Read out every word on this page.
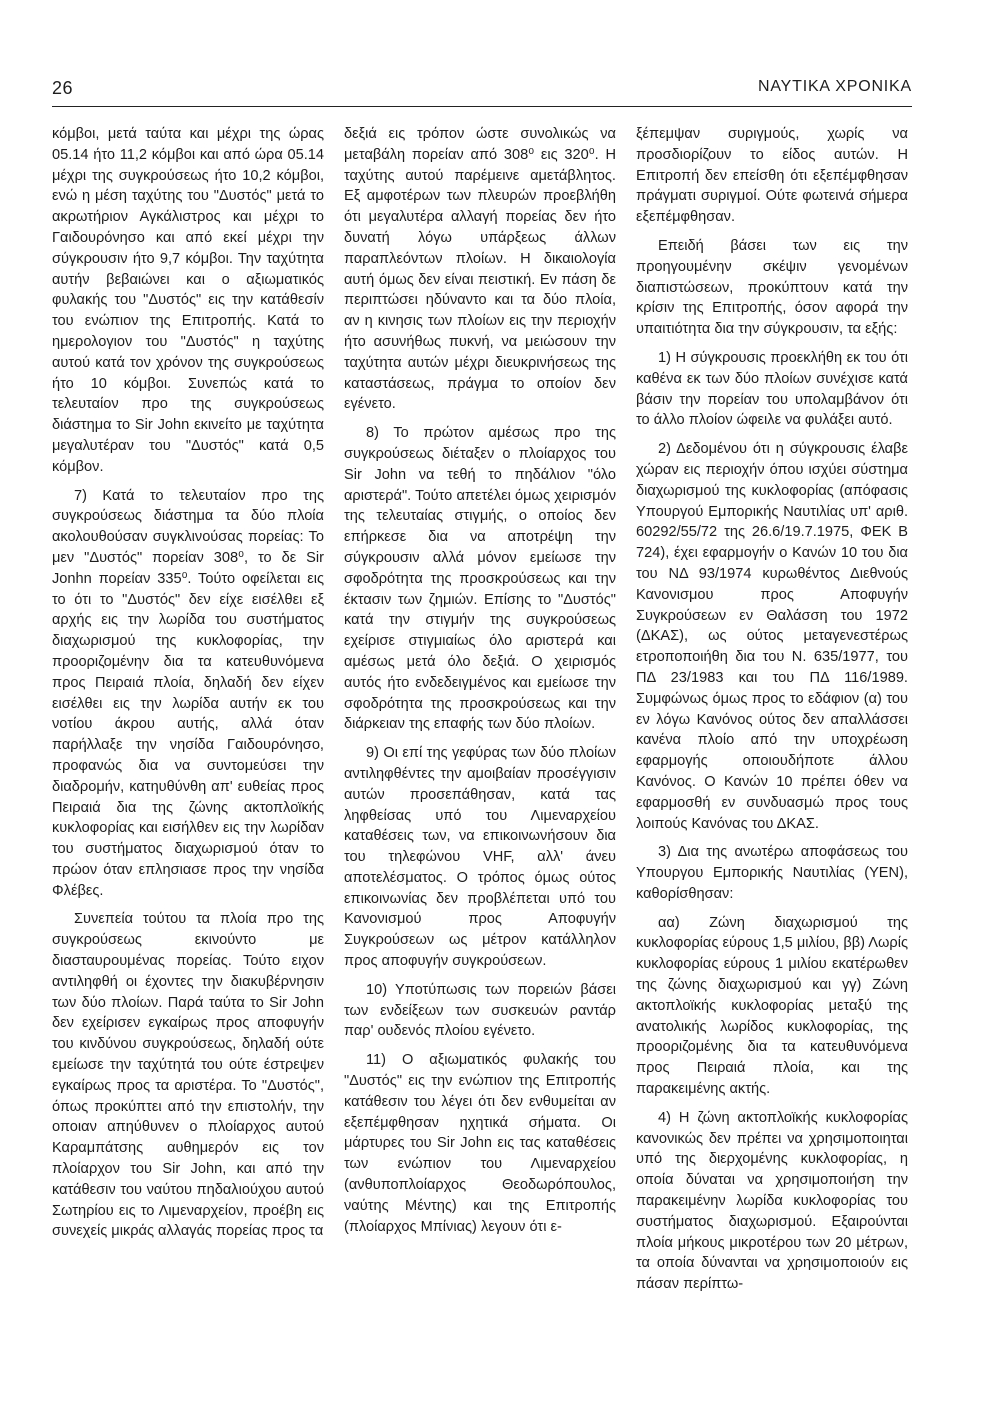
26	ΝΑΥΤΙΚΑ ΧΡΟΝΙΚΑ

κόμβοι, μετά ταύτα και μέχρι της ώρας 05.14 ήτο 11,2 κόμβοι και από ώρα 05.14 μέχρι της συγκρούσεως ήτο 10,2 κόμβοι, ενώ η μέση ταχύτης του "Δυστός" μετά το ακρωτήριον Αγκάλιστρος και μέχρι το Γαιδουρόνησο και από εκεί μέχρι την σύγκρουσιν ήτο 9,7 κόμβοι. Την ταχύτητα αυτήν βεβαιώνει και ο αξιωματικός φυλακής του "Δυστός" εις την κατάθεσίν του ενώπιον της Επιτροπής. Κατά το ημερολογιον του "Δυστός" η ταχύτης αυτού κατά τον χρόνον της συγκρούσεως ήτο 10 κόμβοι. Συνεπώς κατά το τελευταίον προ της συγκρούσεως διάστημα το Sir John εκινείτο με ταχύτητα μεγαλυτέραν του "Δυστός" κατά 0,5 κόμβον.

7) Κατά το τελευταίον προ της συγκρούσεως διάστημα τα δύο πλοία ακολουθούσαν συγκλινούσας πορείας: Το μεν "Δυστός" πορείαν 308⁰, το δε Sir Jonhn πορείαν 335⁰. Τούτο οφείλεται εις το ότι το "Δυστός" δεν είχε εισέλθει εξ αρχής εις την λωρίδα του συστήματος διαχωρισμού της κυκλοφορίας, την προοριζομένην δια τα κατευθυνόμενα προς Πειραιά πλοία, δηλαδή δεν είχεν εισέλθει εις την λωρίδα αυτήν εκ του νοτίου άκρου αυτής, αλλά όταν παρήλλαξε την νησίδα Γαιδουρόνησο, προφανώς δια να συντομεύσει την διαδρομήν, κατηυθύνθη απ' ευθείας προς Πειραιά δια της ζώνης ακτοπλοϊκής κυκλοφορίας και εισήλθεν εις την λωρίδαν του συστήματος διαχωρισμού όταν το πρώον όταν επλησιασε προς την νησίδα Φλέβες.

Συνεπεία τούτου τα πλοία προ της συγκρούσεως εκινούντο με διασταυρουμένας πορείας. Τούτο ειχον αντιληφθή οι έχοντες την διακυβέρνησιν των δύο πλοίων. Παρά ταύτα το Sir John δεν εχείρισεν εγκαίρως προς αποφυγήν του κινδύνου συγκρούσεως, δηλαδή ούτε εμείωσε την ταχύτητά του ούτε έστρεψεν εγκαίρως προς τα αριστέρα. Το "Δυστός", όπως προκύπτει από την επιστολήν, την οποιαν απηύθυνεν ο πλοίαρχος αυτού Καραμπάτσης αυθημερόν εις τον πλοίαρχον του Sir John, και από την κατάθεσιν του ναύτου πηδαλιούχου αυτού Σωτηρίου εις το Λιμεναρχείον, προέβη εις συνεχείς μικράς αλλαγάς πορείας προς τα

δεξιά εις τρόπον ώστε συνολικώς να μεταβάλη πορείαν από 308⁰ εις 320⁰. Η ταχύτης αυτού παρέμεινε αμετάβλητος. Εξ αμφοτέρων των πλευρών προεβλήθη ότι μεγαλυτέρα αλλαγή πορείας δεν ήτο δυνατή λόγω υπάρξεως άλλων παραπλεόντων πλοίων. Η δικαιολογία αυτή όμως δεν είναι πειστική. Εν πάση δε περιπτώσει ηδύναντο και τα δύο πλοία, αν η κινησις των πλοίων εις την περιοχήν ήτο ασυνήθως πυκνή, να μειώσουν την ταχύτητα αυτών μέχρι διευκρινήσεως της καταστάσεως, πράγμα το οποίον δεν εγένετο.

8) Το πρώτον αμέσως προ της συγκρούσεως διέταξεν ο πλοίαρχος του Sir John να τεθή το πηδάλιον "όλο αριστερά". Τούτο απετέλει όμως χειρισμόν της τελευταίας στιγμής, ο οποίος δεν επήρκεσε δια να αποτρέψη την σύγκρουσιν αλλά μόνον εμείωσε την σφοδρότητα της προσκρούσεως και την έκτασιν των ζημιών. Επίσης το "Δυστός" κατά την στιγμήν της συγκρούσεως εχείρισε στιγμιαίως όλο αριστερά και αμέσως μετά όλο δεξιά. Ο χειρισμός αυτός ήτο ενδεδειγμένος και εμείωσε την σφοδρότητα της προσκρούσεως και την διάρκειαν της επαφής των δύο πλοίων.

9) Οι επί της γεφύρας των δύο πλοίων αντιληφθέντες την αμοιβαίαν προσέγγισιν αυτών προσεπάθησαν, κατά τας ληφθείσας υπό του Λιμεναρχείου καταθέσεις των, να επικοινωνήσουν δια του τηλεφώνου VHF, αλλ' άνευ αποτελέσματος. Ο τρόπος όμως ούτος επικοινωνίας δεν προβλέπεται υπό του Κανονισμού προς Αποφυγήν Συγκρούσεων ως μέτρον κατάλληλον προς αποφυγήν συγκρούσεων.

10) Υποτύπωσις των πορειών βάσει των ενδείξεων των συσκευών ραντάρ παρ' ουδενός πλοίου εγένετο.

11) Ο αξιωματικός φυλακής του "Δυστός" εις την ενώπιον της Επιτροπής κατάθεσιν του λέγει ότι δεν ενθυμείται αν εξεπέμφθησαν ηχητικά σήματα. Οι μάρτυρες του Sir John εις τας καταθέσεις των ενώπιον του Λιμεναρχείου (ανθυποπλοίαρχος Θεοδωρόπουλος, ναύτης Μέντης) και της Επιτροπής (πλοίαρχος Μπίνιας) λεγουν ότι ε-

ξέπεμψαν συριγμούς, χωρίς να προσδιορίζουν το είδος αυτών. Η Επιτροπή δεν επείσθη ότι εξεπέμφθησαν πράγματι συριγμοί. Ούτε φωτεινά σήμερα εξεπέμφθησαν.

Επειδή βάσει των εις την προηγουμένην σκέψιν γενομένων διαπιστώσεων, προκύπτουν κατά την κρίσιν της Επιτροπής, όσον αφορά την υπαιτιότητα δια την σύγκρουσιν, τα εξής:

1) Η σύγκρουσις προεκλήθη εκ του ότι καθένα εκ των δύο πλοίων συνέχισε κατά βάσιν την πορείαν του υπολαμβάνον ότι το άλλο πλοίον ώφειλε να φυλάξει αυτό.

2) Δεδομένου ότι η σύγκρουσις έλαβε χώραν εις περιοχήν όπου ισχύει σύστημα διαχωρισμού της κυκλοφορίας (απόφασις Υπουργού Εμπορικής Ναυτιλίας υπ' αριθ. 60292/55/72 της 26.6/19.7.1975, ΦΕΚ Β 724), έχει εφαρμογήν ο Κανών 10 του δια του ΝΔ 93/1974 κυρωθέντος Διεθνούς Κανονισμου προς Αποφυγήν Συγκρούσεων εν Θαλάσση του 1972 (ΔΚΑΣ), ως ούτος μεταγενεστέρως ετροποποιήθη δια του Ν. 635/1977, του ΠΔ 23/1983 και του ΠΔ 116/1989. Συμφώνως όμως προς το εδάφιον (α) του εν λόγω Κανόνος ούτος δεν απαλλάσσει κανένα πλοίο από την υποχρέωση εφαρμογής οποιουδήποτε άλλου Κανόνος. Ο Κανών 10 πρέπει όθεν να εφαρμοσθή εν συνδυασμώ προς τους λοιπούς Κανόνας του ΔΚΑΣ.

3) Δια της ανωτέρω αποφάσεως του Υπουργου Εμπορικής Ναυτιλίας (ΥΕΝ), καθορίσθησαν:

αα) Ζώνη διαχωρισμού της κυκλοφορίας εύρους 1,5 μιλίου, ββ) Λωρίς κυκλοφορίας εύρους 1 μιλίου εκατέρωθεν της ζώνης διαχωρισμού και γγ) Ζώνη ακτοπλοϊκής κυκλοφορίας μεταξύ της ανατολικής λωρίδος κυκλοφορίας, της προοριζομένης δια τα κατευθυνόμενα προς Πειραιά πλοία, και της παρακειμένης ακτής.

4) Η ζώνη ακτοπλοϊκής κυκλοφορίας κανονικώς δεν πρέπει να χρησιμοποιηται υπό της διερχομένης κυκλοφορίας, η οποία δύναται να χρησιμοποιήση την παρακειμένην λωρίδα κυκλοφορίας του συστήματος διαχωρισμού. Εξαιρούνται πλοία μήκους μικροτέρου των 20 μέτρων, τα οποία δύνανται να χρησιμοποιούν εις πάσαν περίπτω-
